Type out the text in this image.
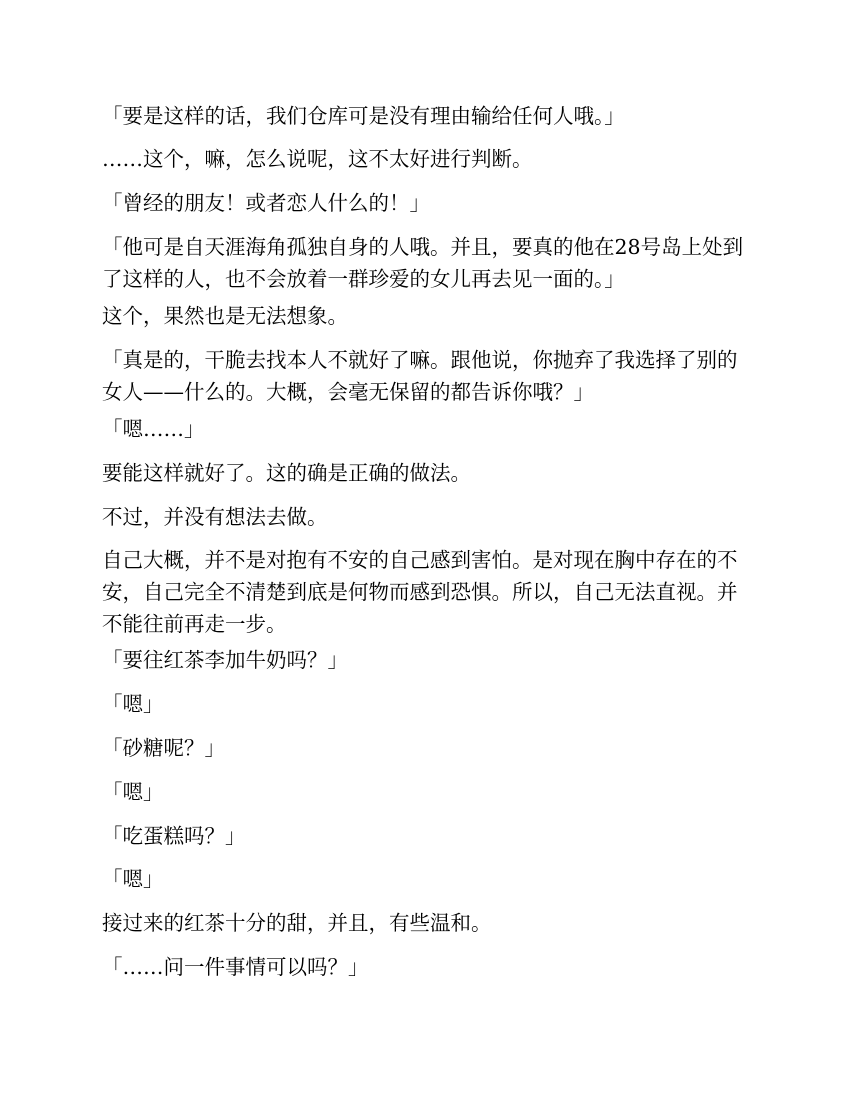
「要是这样的话，我们仓库可是没有理由输给任何人哦。」

……这个，嘛，怎么说呢，这不太好进行判断。

「曾经的朋友！或者恋人什么的！」

「他可是自天涯海角孤独自身的人哦。并且，要真的他在28号岛上处到
了这样的人，也不会放着一群珍爱的女儿再去见一面的。」

这个，果然也是无法想象。

「真是的，干脆去找本人不就好了嘛。跟他说，你抛弃了我选择了别的
女人——什么的。大概，会毫无保留的都告诉你哦？」

「嗯……」

要能这样就好了。这的确是正确的做法。

不过，并没有想法去做。

自己大概，并不是对抱有不安的自己感到害怕。是对现在胸中存在的不
安，自己完全不清楚到底是何物而感到恐惧。所以，自己无法直视。并
不能往前再走一步。

「要往红茶李加牛奶吗？」

「嗯」

「砂糖呢？」

「嗯」

「吃蛋糕吗？」

「嗯」

接过来的红茶十分的甜，并且，有些温和。

「……问一件事情可以吗？」
